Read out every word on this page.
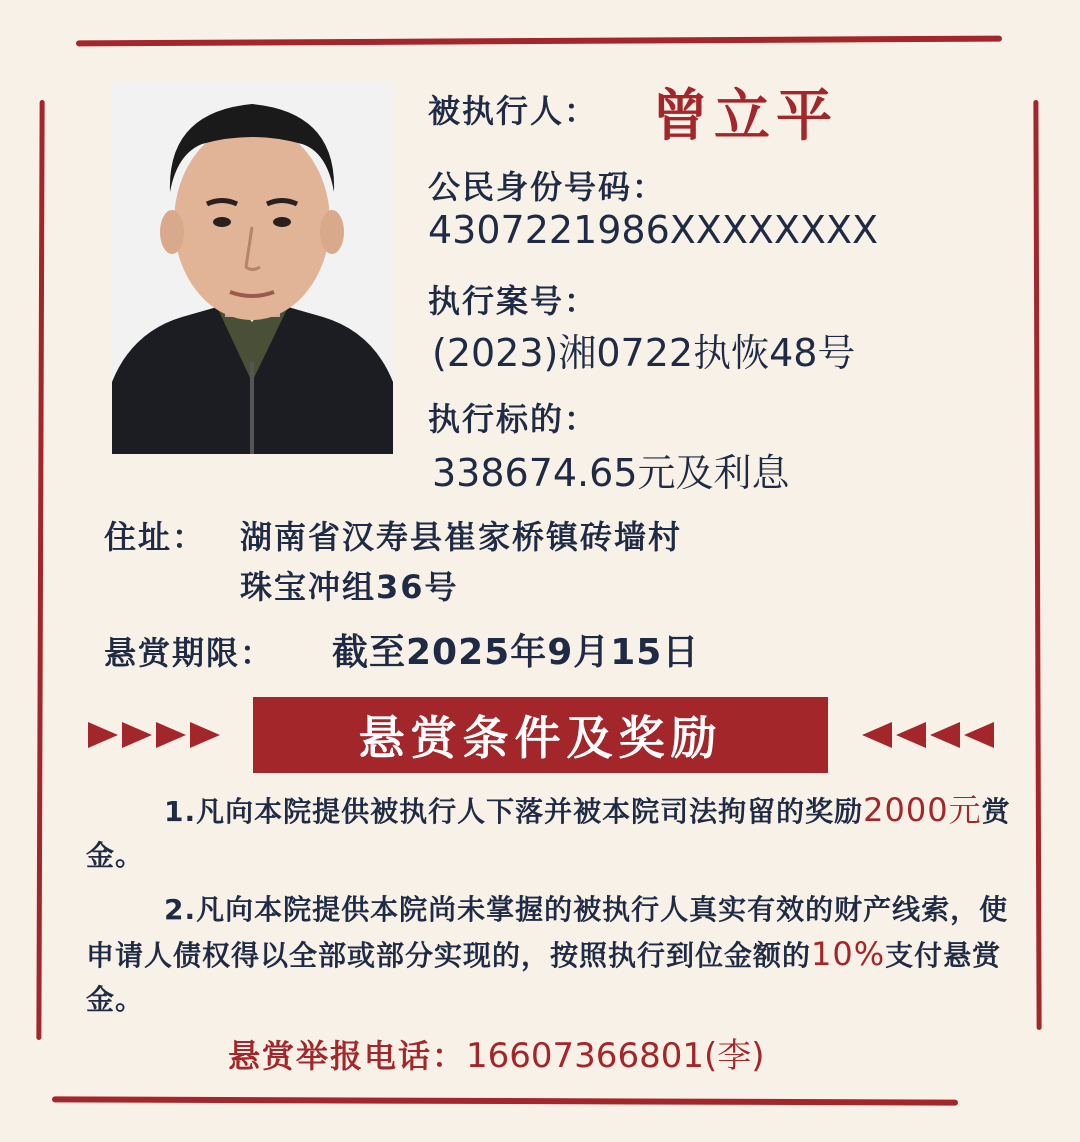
被执行人： 曾立平
公民身份号码：
4307221986XXXXXXXX
执行案号：
(2023)湘0722执恢48号
执行标的：
338674.65元及利息
住址： 湖南省汉寿县崔家桥镇砖墙村
珠宝冲组36号
悬赏期限： 截至2025年9月15日
悬赏条件及奖励
1.凡向本院提供被执行人下落并被本院司法拘留的奖励2000元赏金。
2.凡向本院提供本院尚未掌握的被执行人真实有效的财产线索，使申请人债权得以全部或部分实现的，按照执行到位金额的10%支付悬赏金。
悬赏举报电话：16607366801(李)
